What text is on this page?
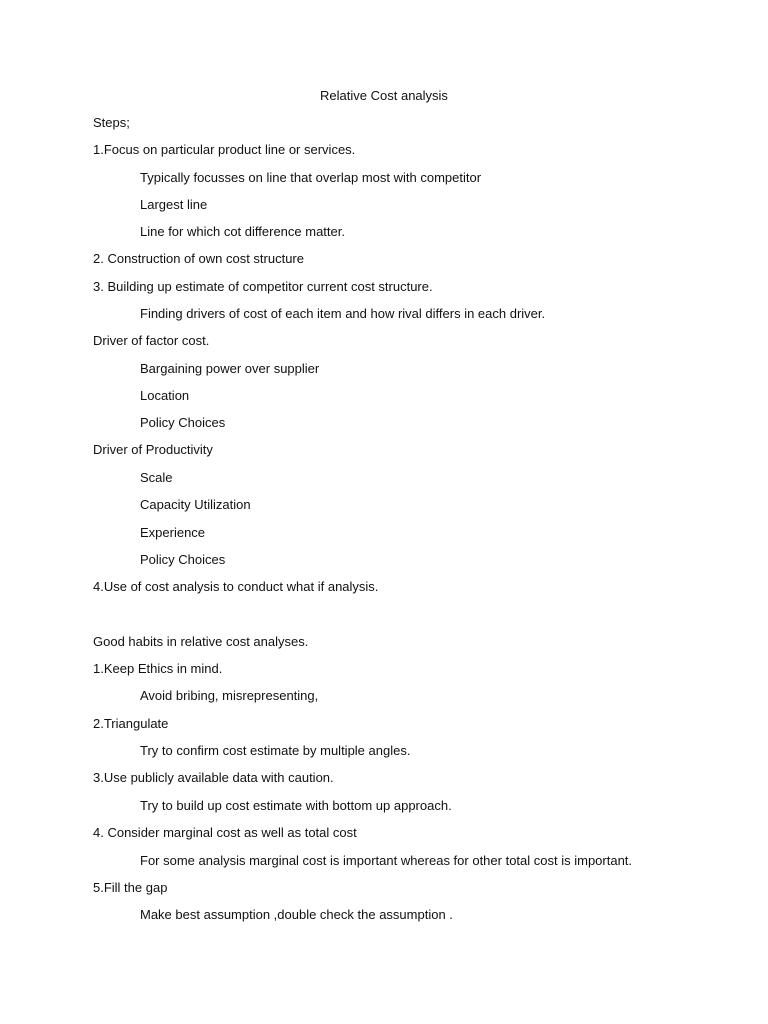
Relative Cost analysis
Steps;
1.Focus on particular product line or services.
Typically focusses on line that overlap most with competitor
Largest line
Line for which cot difference matter.
2. Construction of own cost structure
3. Building up estimate of competitor current cost structure.
Finding drivers of cost of each item and how rival differs in each driver.
Driver of factor cost.
Bargaining power over supplier
Location
Policy Choices
Driver of Productivity
Scale
Capacity Utilization
Experience
Policy Choices
4.Use of cost analysis to conduct what if analysis.
Good habits in relative cost analyses.
1.Keep Ethics in mind.
Avoid bribing, misrepresenting,
2.Triangulate
Try to confirm cost estimate by multiple angles.
3.Use publicly available data with caution.
Try to build up cost estimate with bottom up approach.
4. Consider marginal cost as well as total cost
For some analysis marginal cost is important whereas for other total cost is important.
5.Fill the gap
Make best assumption ,double check the assumption .
